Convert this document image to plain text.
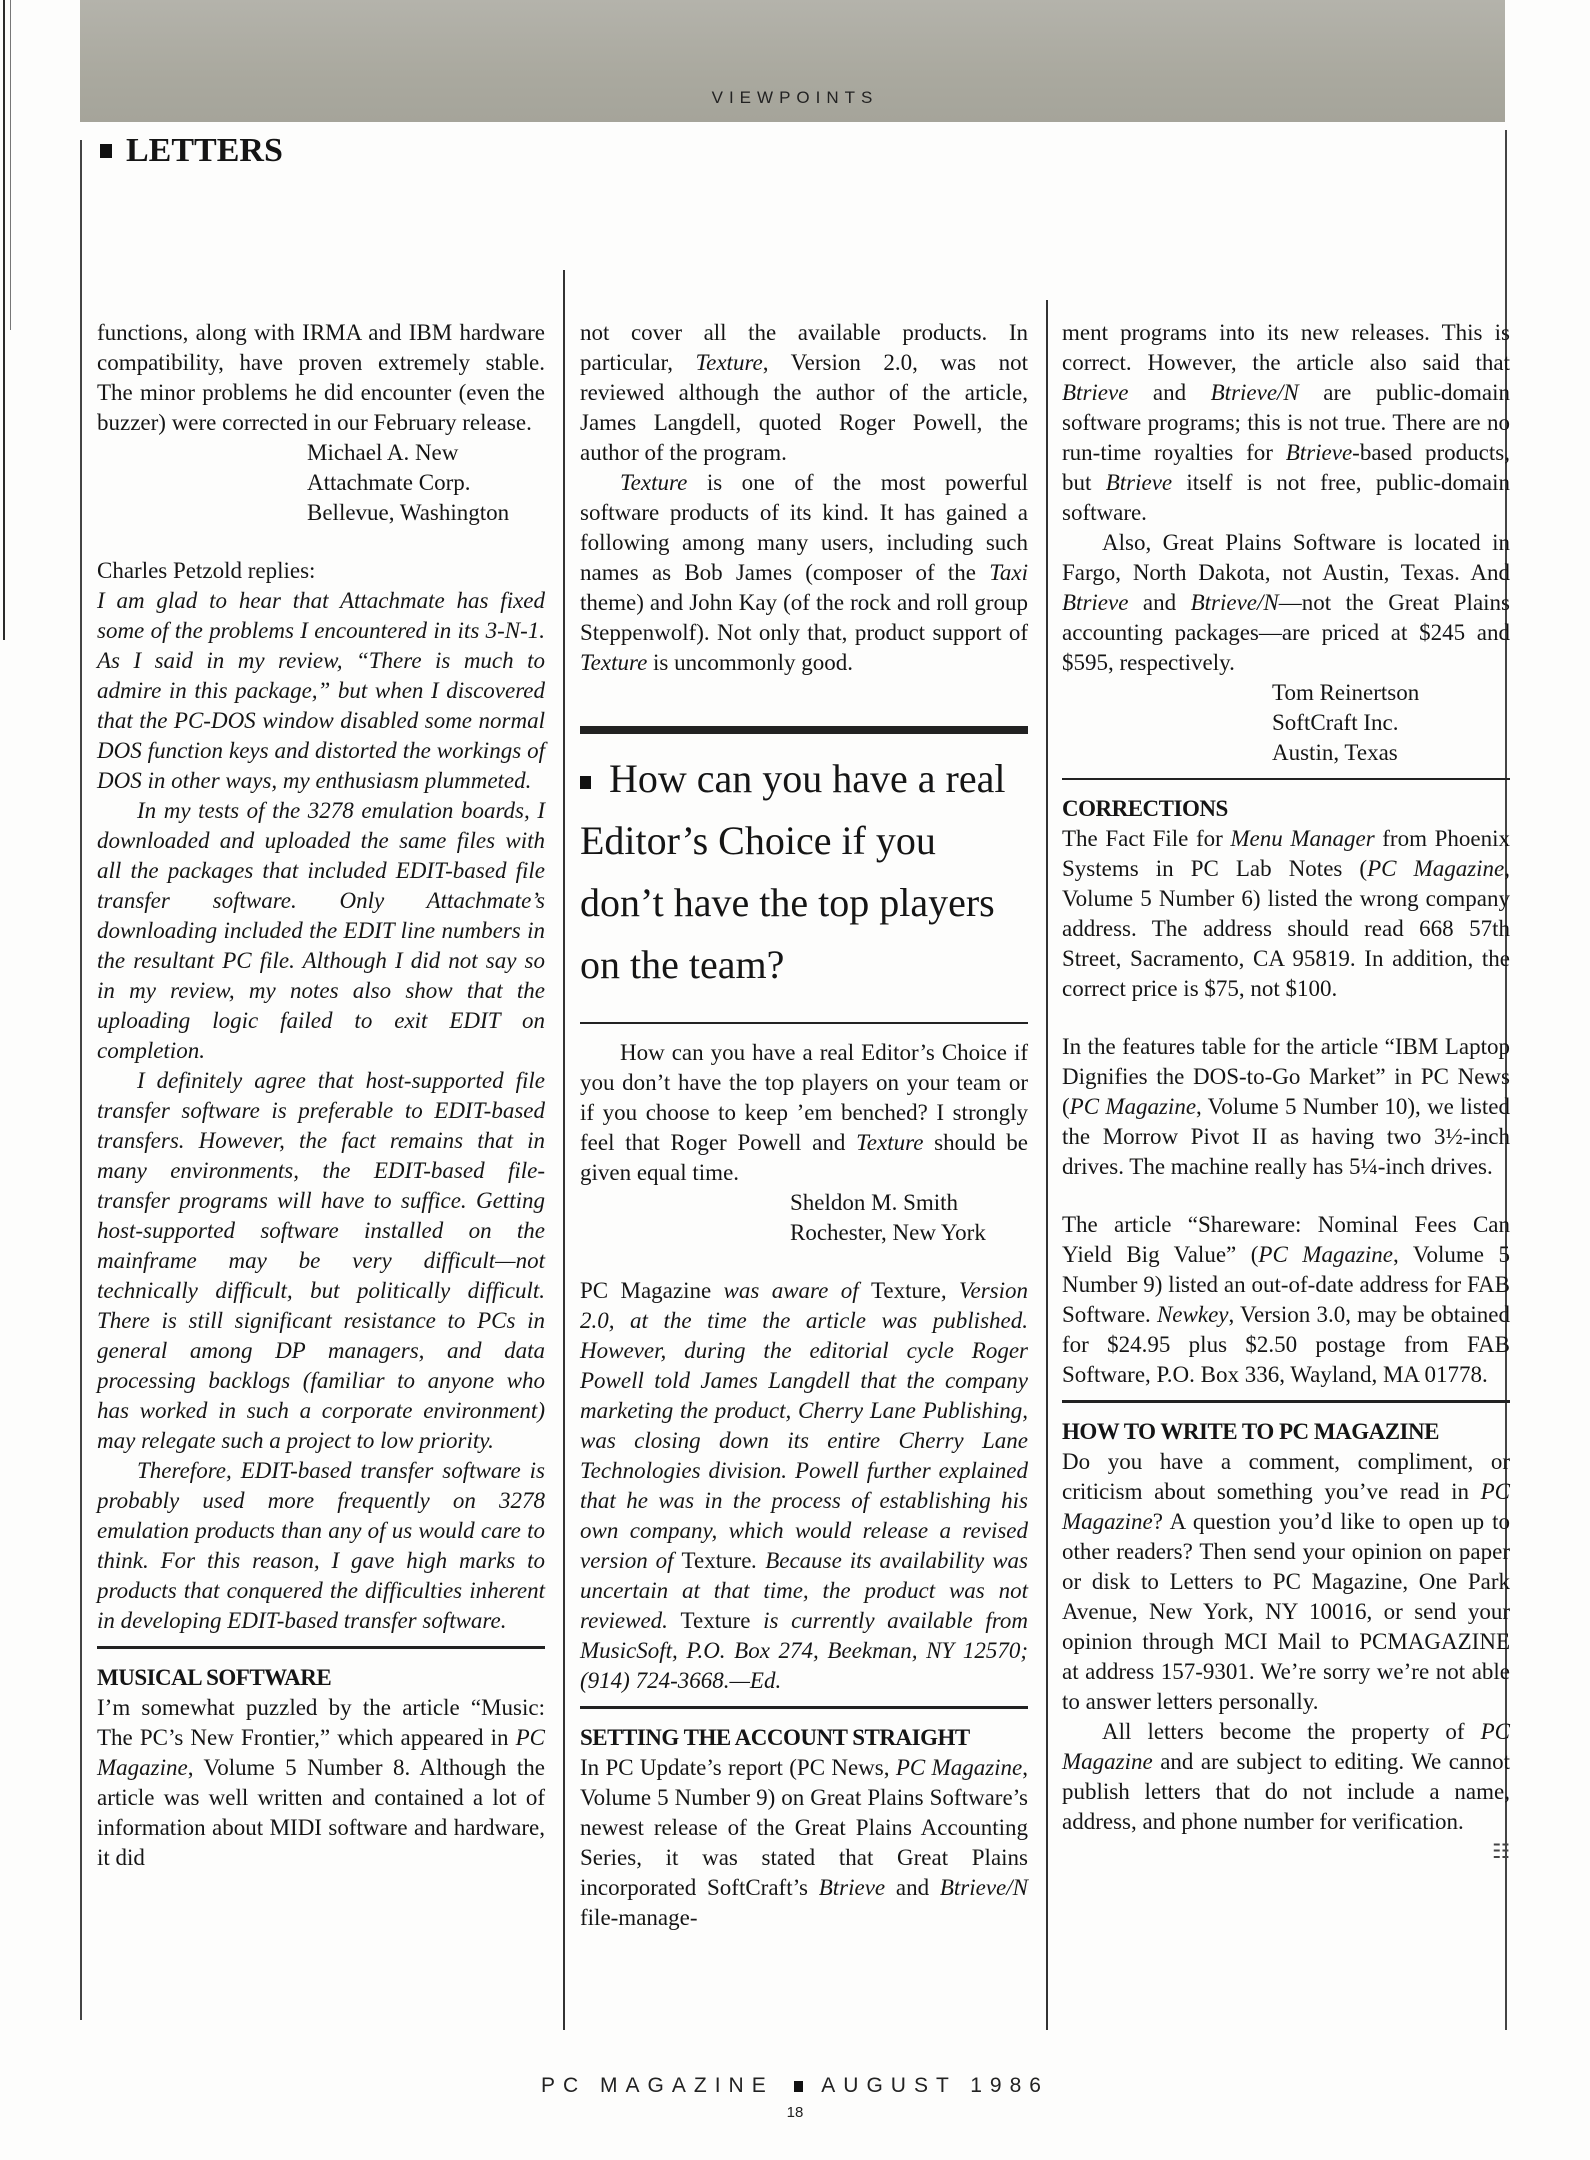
VIEWPOINTS
LETTERS

functions, along with IRMA and IBM hardware compatibility, have proven extremely stable. The minor problems he did encounter (even the buzzer) were corrected in our February release.

Michael A. New
Attachmate Corp.
Bellevue, Washington

Charles Petzold replies:

I am glad to hear that Attachmate has fixed some of the problems I encountered in its 3-N-1. As I said in my review, “There is much to admire in this package,” but when I discovered that the PC-DOS window disabled some normal DOS function keys and distorted the workings of DOS in other ways, my enthusiasm plummeted.

In my tests of the 3278 emulation boards, I downloaded and uploaded the same files with all the packages that included EDIT-based file transfer software. Only Attachmate’s downloading included the EDIT line numbers in the resultant PC file. Although I did not say so in my review, my notes also show that the uploading logic failed to exit EDIT on completion.

I definitely agree that host-supported file transfer software is preferable to EDIT-based transfers. However, the fact remains that in many environments, the EDIT-based file-transfer programs will have to suffice. Getting host-supported software installed on the mainframe may be very difficult—not technically difficult, but politically difficult. There is still significant resistance to PCs in general among DP managers, and data processing backlogs (familiar to anyone who has worked in such a corporate environment) may relegate such a project to low priority.

Therefore, EDIT-based transfer software is probably used more frequently on 3278 emulation products than any of us would care to think. For this reason, I gave high marks to products that conquered the difficulties inherent in developing EDIT-based transfer software.

MUSICAL SOFTWARE

I’m somewhat puzzled by the article “Music: The PC’s New Frontier,” which appeared in PC Magazine, Volume 5 Number 8. Although the article was well written and contained a lot of information about MIDI software and hardware, it did

not cover all the available products. In particular, Texture, Version 2.0, was not reviewed although the author of the article, James Langdell, quoted Roger Powell, the author of the program.

Texture is one of the most powerful software products of its kind. It has gained a following among many users, including such names as Bob James (composer of the Taxi theme) and John Kay (of the rock and roll group Steppenwolf). Not only that, product support of Texture is uncommonly good.

How can you have a real Editor’s Choice if you don’t have the top players on the team?

How can you have a real Editor’s Choice if you don’t have the top players on your team or if you choose to keep ’em benched? I strongly feel that Roger Powell and Texture should be given equal time.

Sheldon M. Smith
Rochester, New York

PC Magazine was aware of Texture, Version 2.0, at the time the article was published. However, during the editorial cycle Roger Powell told James Langdell that the company marketing the product, Cherry Lane Publishing, was closing down its entire Cherry Lane Technologies division. Powell further explained that he was in the process of establishing his own company, which would release a revised version of Texture. Because its availability was uncertain at that time, the product was not reviewed. Texture is currently available from MusicSoft, P.O. Box 274, Beekman, NY 12570; (914) 724-3668.—Ed.

SETTING THE ACCOUNT STRAIGHT

In PC Update’s report (PC News, PC Magazine, Volume 5 Number 9) on Great Plains Software’s newest release of the Great Plains Accounting Series, it was stated that Great Plains incorporated SoftCraft’s Btrieve and Btrieve/N file-manage-

ment programs into its new releases. This is correct. However, the article also said that Btrieve and Btrieve/N are public-domain software programs; this is not true. There are no run-time royalties for Btrieve-based products, but Btrieve itself is not free, public-domain software.

Also, Great Plains Software is located in Fargo, North Dakota, not Austin, Texas. And Btrieve and Btrieve/N—not the Great Plains accounting packages—are priced at $245 and $595, respectively.

Tom Reinertson
SoftCraft Inc.
Austin, Texas
CORRECTIONS

The Fact File for Menu Manager from Phoenix Systems in PC Lab Notes (PC Magazine, Volume 5 Number 6) listed the wrong company address. The address should read 668 57th Street, Sacramento, CA 95819. In addition, the correct price is $75, not $100.

In the features table for the article “IBM Laptop Dignifies the DOS-to-Go Market” in PC News (PC Magazine, Volume 5 Number 10), we listed the Morrow Pivot II as having two 3½-inch drives. The machine really has 5¼-inch drives.

The article “Shareware: Nominal Fees Can Yield Big Value” (PC Magazine, Volume 5 Number 9) listed an out-of-date address for FAB Software. Newkey, Version 3.0, may be obtained for $24.95 plus $2.50 postage from FAB Software, P.O. Box 336, Wayland, MA 01778.

HOW TO WRITE TO PC MAGAZINE

Do you have a comment, compliment, or criticism about something you’ve read in PC Magazine? A question you’d like to open up to other readers? Then send your opinion on paper or disk to Letters to PC Magazine, One Park Avenue, New York, NY 10016, or send your opinion through MCI Mail to PCMAGAZINE at address 157-9301. We’re sorry we’re not able to answer letters personally.

All letters become the property of PC Magazine and are subject to editing. We cannot publish letters that do not include a name, address, and phone number for verification.
☷

PC MAGAZINE AUGUST 1986
18
